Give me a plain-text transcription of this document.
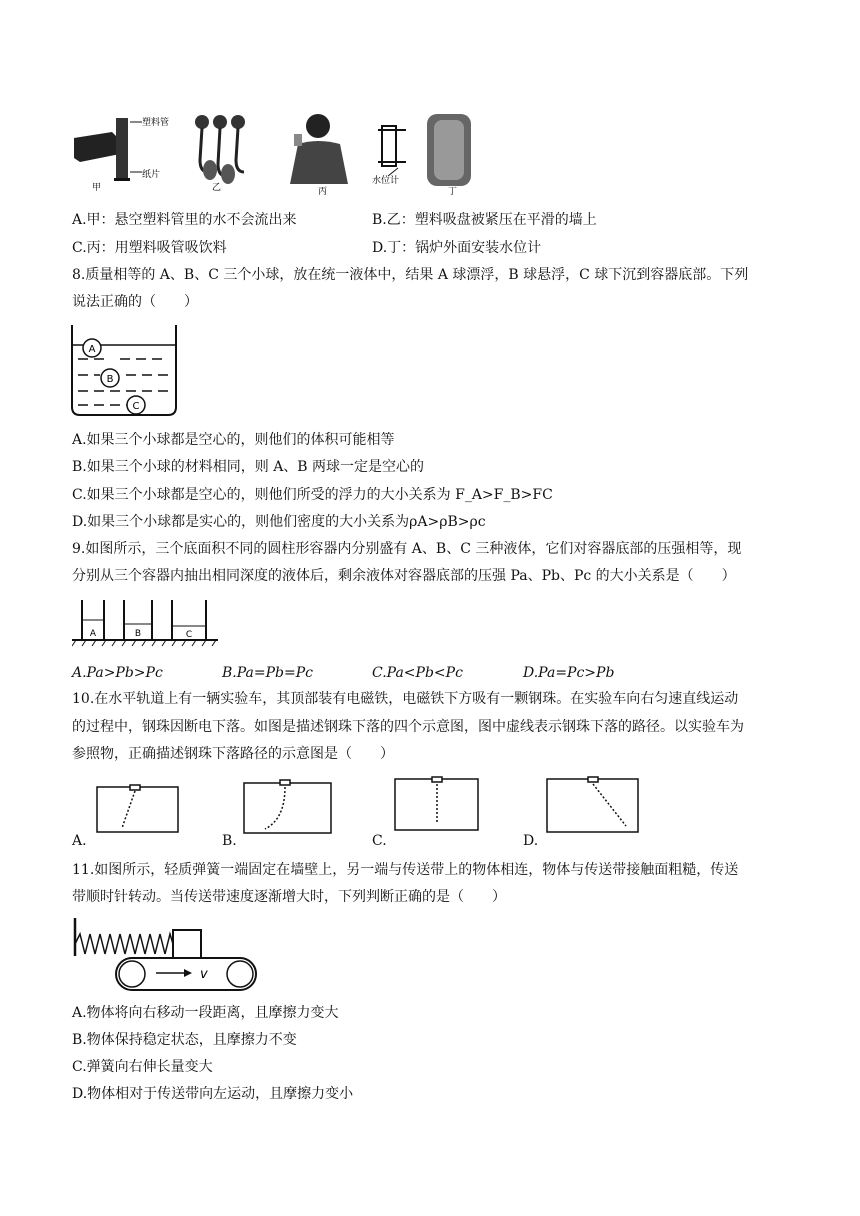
塑料管
纸片
甲	乙	丙
水位计
丁
A.甲：悬空塑料管里的水不会流出来	B.乙：塑料吸盘被紧压在平滑的墙上
C.丙：用塑料吸管吸饮料	D.丁：锅炉外面安装水位计
8.质量相等的 A、B、C 三个小球，放在统一液体中，结果 A 球漂浮，B 球悬浮，C 球下沉到容器底部。下列
说法正确的（　　）
A
B
C
A.如果三个小球都是空心的，则他们的体积可能相等
B.如果三个小球的材料相同，则 A、B 两球一定是空心的
C.如果三个小球都是空心的，则他们所受的浮力的大小关系为 F_A>F_B>FC
D.如果三个小球都是实心的，则他们密度的大小关系为ρA>ρB>ρc
9.如图所示，三个底面积不同的圆柱形容器内分别盛有 A、B、C 三种液体，它们对容器底部的压强相等，现
分别从三个容器内抽出相同深度的液体后，剩余液体对容器底部的压强 Pa、Pb、Pc 的大小关系是（　　）
A	B	C
A.Pa>Pb>Pc	B.Pa=Pb=Pc	C.Pa<Pb<Pc	D.Pa=Pc>Pb
10.在水平轨道上有一辆实验车，其顶部装有电磁铁，电磁铁下方吸有一颗钢珠。在实验车向右匀速直线运动
的过程中，钢珠因断电下落。如图是描述钢珠下落的四个示意图，图中虚线表示钢珠下落的路径。以实验车为
参照物，正确描述钢珠下落路径的示意图是（　　）
A.	B.	C.	D.
11.如图所示，轻质弹簧一端固定在墙壁上，另一端与传送带上的物体相连，物体与传送带接触面粗糙，传送
带顺时针转动。当传送带速度逐渐增大时，下列判断正确的是（　　）
v
A.物体将向右移动一段距离，且摩擦力变大
B.物体保持稳定状态，且摩擦力不变
C.弹簧向右伸长量变大
D.物体相对于传送带向左运动，且摩擦力变小
